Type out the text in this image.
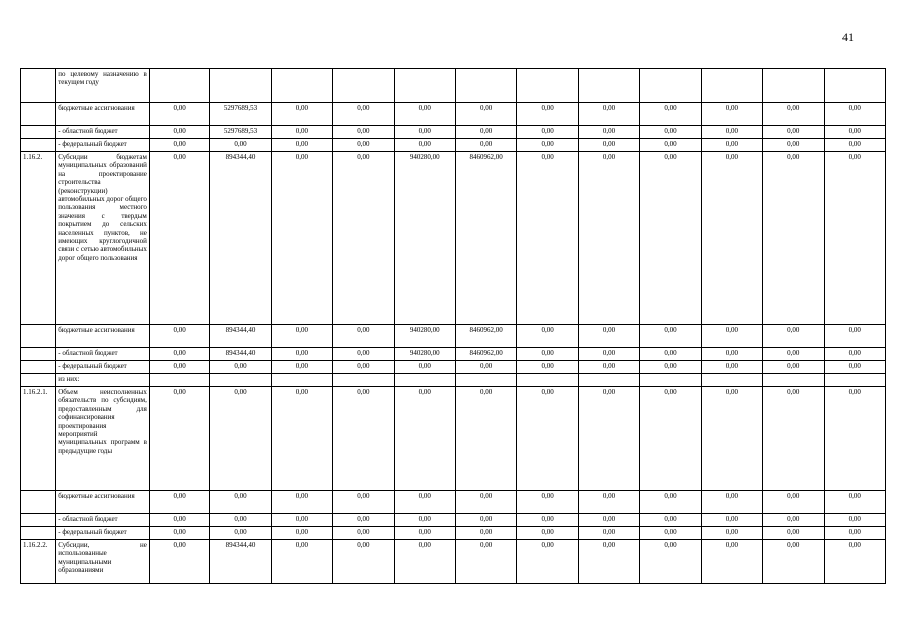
41
	по целевому назначению в текущем году												
	бюджетные ассигнования	0,00	5297689,53	0,00	0,00	0,00	0,00	0,00	0,00	0,00	0,00	0,00	0,00
	- областной бюджет	0,00	5297689,53	0,00	0,00	0,00	0,00	0,00	0,00	0,00	0,00	0,00	0,00
	- федеральный бюджет	0,00	0,00	0,00	0,00	0,00	0,00	0,00	0,00	0,00	0,00	0,00	0,00
1.16.2.	Субсидии бюджетам муниципальных образований на проектирование строительства (реконструкции) автомобильных дорог общего пользования местного значения с твердым покрытием до сельских населенных пунктов, не имеющих круглогодичной связи с сетью автомобильных дорог общего пользования	0,00	894344,40	0,00	0,00	940280,00	8460962,00	0,00	0,00	0,00	0,00	0,00	0,00
	бюджетные ассигнования	0,00	894344,40	0,00	0,00	940280,00	8460962,00	0,00	0,00	0,00	0,00	0,00	0,00
	- областной бюджет	0,00	894344,40	0,00	0,00	940280,00	8460962,00	0,00	0,00	0,00	0,00	0,00	0,00
	- федеральный бюджет	0,00	0,00	0,00	0,00	0,00	0,00	0,00	0,00	0,00	0,00	0,00	0,00
	из них:												
1.16.2.1.	Объем неисполненных обязательств по субсидиям, предоставленным для софинансирования проектирования мероприятий муниципальных программ в предыдущие годы	0,00	0,00	0,00	0,00	0,00	0,00	0,00	0,00	0,00	0,00	0,00	0,00
	бюджетные ассигнования	0,00	0,00	0,00	0,00	0,00	0,00	0,00	0,00	0,00	0,00	0,00	0,00
	- областной бюджет	0,00	0,00	0,00	0,00	0,00	0,00	0,00	0,00	0,00	0,00	0,00	0,00
	- федеральный бюджет	0,00	0,00	0,00	0,00	0,00	0,00	0,00	0,00	0,00	0,00	0,00	0,00
1.16.2.2.	Субсидии, не использованные муниципальными образованиями	0,00	894344,40	0,00	0,00	0,00	0,00	0,00	0,00	0,00	0,00	0,00	0,00
